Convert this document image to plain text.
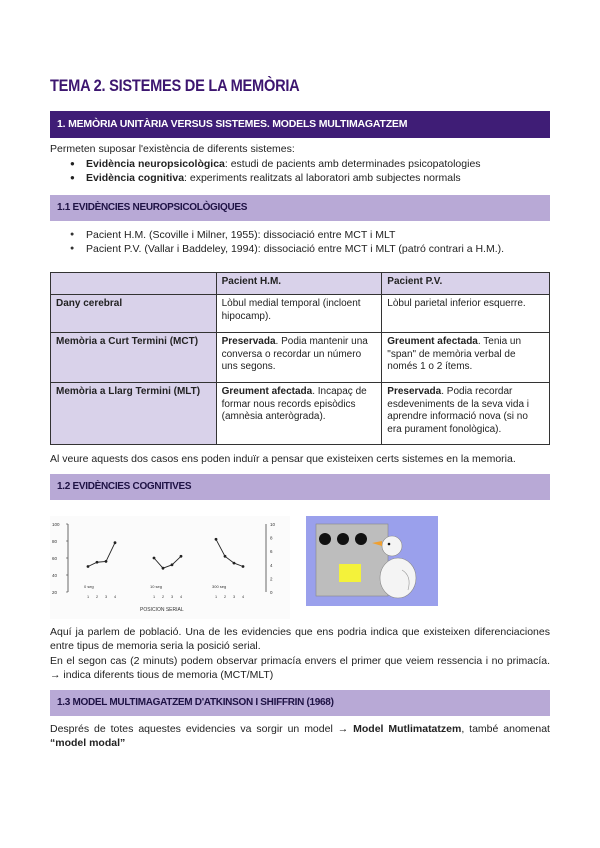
TEMA 2. SISTEMES DE LA MEMÒRIA
1. MEMÒRIA UNITÀRIA VERSUS SISTEMES. MODELS MULTIMAGATZEM
Permeten suposar l'existència de diferents sistemes:
● Evidència neuropsicològica: estudi de pacients amb determinades psicopatologies
● Evidència cognitiva: experiments realitzats al laboratori amb subjectes normals
1.1 EVIDÈNCIES NEUROPSICOLÒGIQUES
● Pacient H.M. (Scoville i Milner, 1955): dissociació entre MCT i MLT
● Pacient P.V. (Vallar i Baddeley, 1994): dissociació entre MCT i MLT (patró contrari a H.M.).
	Pacient H.M.	Pacient P.V.
Dany cerebral	Lòbul medial temporal (incloent hipocamp).	Lòbul parietal inferior esquerre.
Memòria a Curt Termini (MCT)	Preservada. Podia mantenir una conversa o recordar un número uns segons.	Greument afectada. Tenia un "span" de memòria verbal de només 1 o 2 ítems.
Memòria a Llarg Termini (MLT)	Greument afectada. Incapaç de formar nous records episòdics (amnèsia anterògrada).	Preservada. Podia recordar esdeveniments de la seva vida i aprendre informació nova (si no era purament fonològica).
Al veure aquests dos casos ens poden induïr a pensar que existeixen certs sistemes en la memoria.
1.2 EVIDÈNCIES COGNITIVES
100
80
60
40
20
10
8
6
4
2
0
0 seg
1 2 3 4
10 seg
1 2 3 4
300 seg
1 2 3 4
POSICION SERIAL
Aquí ja parlem de població. Una de les evidencies que ens podria indica que existeixen diferenciaciones entre tipus de memoria seria la posició serial.
En el segon cas (2 minuts) podem observar primacía envers el primer que veiem ressencia i no primacía. → indica diferents tious de memoria (MCT/MLT)
1.3 MODEL MULTIMAGATZEM D'ATKINSON I SHIFFRIN (1968)
Després de totes aquestes evidencies va sorgir un model → Model Mutlimatatzem, també anomenat “model modal”
